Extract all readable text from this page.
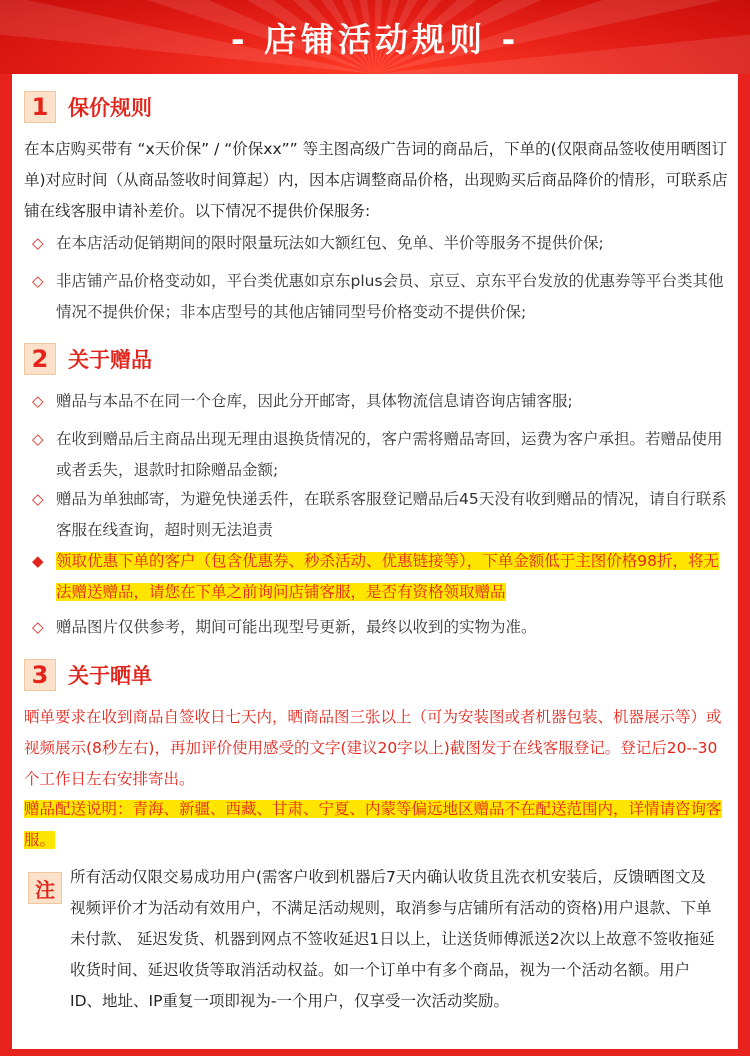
- 店铺活动规则 -
1 保价规则
在本店购买带有 “x天价保” / “价保xx”” 等主图高级广告词的商品后，下单的(仅限商品签收使用晒图订单)对应时间（从商品签收时间算起）内，因本店调整商品价格，出现购买后商品降价的情形，可联系店铺在线客服申请补差价。以下情况不提供价保服务:
◇ 在本店活动促销期间的限时限量玩法如大额红包、免单、半价等服务不提供价保;
◇ 非店铺产品价格变动如，平台类优惠如京东plus会员、京豆、京东平台发放的优惠券等平台类其他情况不提供价保；非本店型号的其他店铺同型号价格变动不提供价保;
2 关于赠品
◇ 赠品与本品不在同一个仓库，因此分开邮寄，具体物流信息请咨询店铺客服;
◇ 在收到赠品后主商品出现无理由退换货情况的，客户需将赠品寄回，运费为客户承担。若赠品使用或者丢失，退款时扣除赠品金额;
◇ 赠品为单独邮寄，为避免快递丢件，在联系客服登记赠品后45天没有收到赠品的情况，请自行联系客服在线查询，超时则无法追责
◆ 领取优惠下单的客户（包含优惠券、秒杀活动、优惠链接等），下单金额低于主图价格98折，将无法赠送赠品，请您在下单之前询问店铺客服，是否有资格领取赠品
◇ 赠品图片仅供参考，期间可能出现型号更新，最终以收到的实物为准。
3 关于晒单
晒单要求在收到商品自签收日七天内，晒商品图三张以上（可为安装图或者机器包装、机器展示等）或视频展示(8秒左右)，再加评价使用感受的文字(建议20字以上)截图发于在线客服登记。登记后20--30个工作日左右安排寄出。
赠品配送说明：青海、新疆、西藏、甘肃、宁夏、内蒙等偏远地区赠品不在配送范围内，详情请咨询客服。
注
所有活动仅限交易成功用户(需客户收到机器后7天内确认收货且洗衣机安装后，反馈晒图文及视频评价才为活动有效用户，不满足活动规则，取消参与店铺所有活动的资格)用户退款、下单未付款、 延迟发货、机器到网点不签收延迟1日以上，让送货师傅派送2次以上故意不签收拖延收货时间、延迟收货等取消活动权益。如一个订单中有多个商品，视为一个活动名额。用户ID、地址、IP重复一项即视为-一个用户，仅享受一次活动奖励。
